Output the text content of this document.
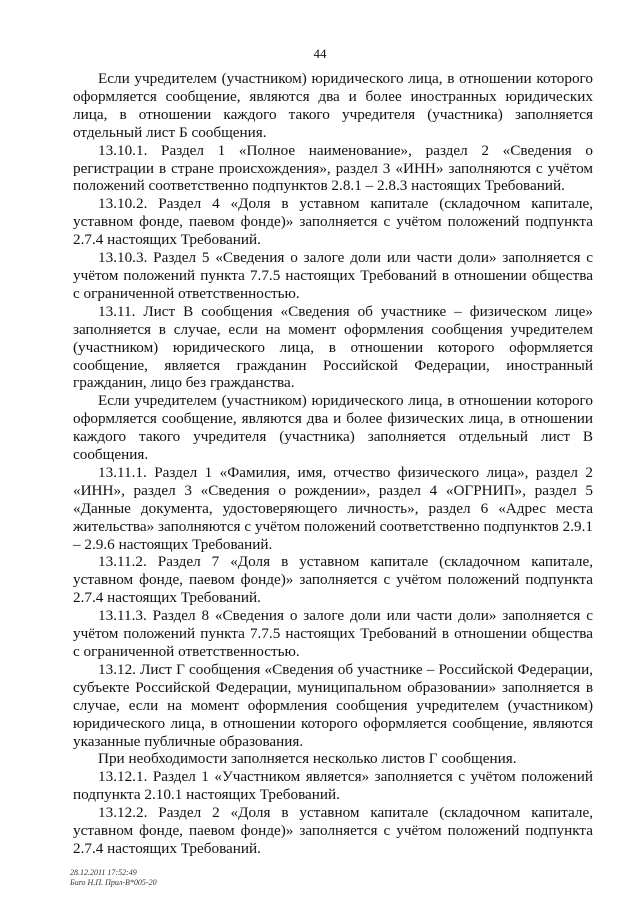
44

Если учредителем (участником) юридического лица, в отношении которого оформляется сообщение, являются два и более иностранных юридических лица, в отношении каждого такого учредителя (участника) заполняется отдельный лист Б сообщения.

13.10.1. Раздел 1 «Полное наименование», раздел 2 «Сведения о регистрации в стране происхождения», раздел 3 «ИНН» заполняются с учётом положений соответственно подпунктов 2.8.1 – 2.8.3 настоящих Требований.

13.10.2. Раздел 4 «Доля в уставном капитале (складочном капитале, уставном фонде, паевом фонде)» заполняется с учётом положений подпункта 2.7.4 настоящих Требований.

13.10.3. Раздел 5 «Сведения о залоге доли или части доли» заполняется с учётом положений пункта 7.7.5 настоящих Требований в отношении общества с ограниченной ответственностью.

13.11. Лист В сообщения «Сведения об участнике – физическом лице» заполняется в случае, если на момент оформления сообщения учредителем (участником) юридического лица, в отношении которого оформляется сообщение, является гражданин Российской Федерации, иностранный гражданин, лицо без гражданства.

Если учредителем (участником) юридического лица, в отношении которого оформляется сообщение, являются два и более физических лица, в отношении каждого такого учредителя (участника) заполняется отдельный лист В сообщения.

13.11.1. Раздел 1 «Фамилия, имя, отчество физического лица», раздел 2 «ИНН», раздел 3 «Сведения о рождении», раздел 4 «ОГРНИП», раздел 5 «Данные документа, удостоверяющего личность», раздел 6 «Адрес места жительства» заполняются с учётом положений соответственно подпунктов 2.9.1 – 2.9.6 настоящих Требований.

13.11.2. Раздел 7 «Доля в уставном капитале (складочном капитале, уставном фонде, паевом фонде)» заполняется с учётом положений подпункта 2.7.4 настоящих Требований.

13.11.3. Раздел 8 «Сведения о залоге доли или части доли» заполняется с учётом положений пункта 7.7.5 настоящих Требований в отношении общества с ограниченной ответственностью.

13.12. Лист Г сообщения «Сведения об участнике – Российской Федерации, субъекте Российской Федерации, муниципальном образовании» заполняется в случае, если на момент оформления сообщения учредителем (участником) юридического лица, в отношении которого оформляется сообщение, являются указанные публичные образования.

При необходимости заполняется несколько листов Г сообщения.

13.12.1. Раздел 1 «Участником является» заполняется с учётом положений подпункта 2.10.1 настоящих Требований.

13.12.2. Раздел 2 «Доля в уставном капитале (складочном капитале, уставном фонде, паевом фонде)» заполняется с учётом положений подпункта 2.7.4 настоящих Требований.

28.12.2011 17:52:49
Бuro Н.П. Прил-В*005-20
